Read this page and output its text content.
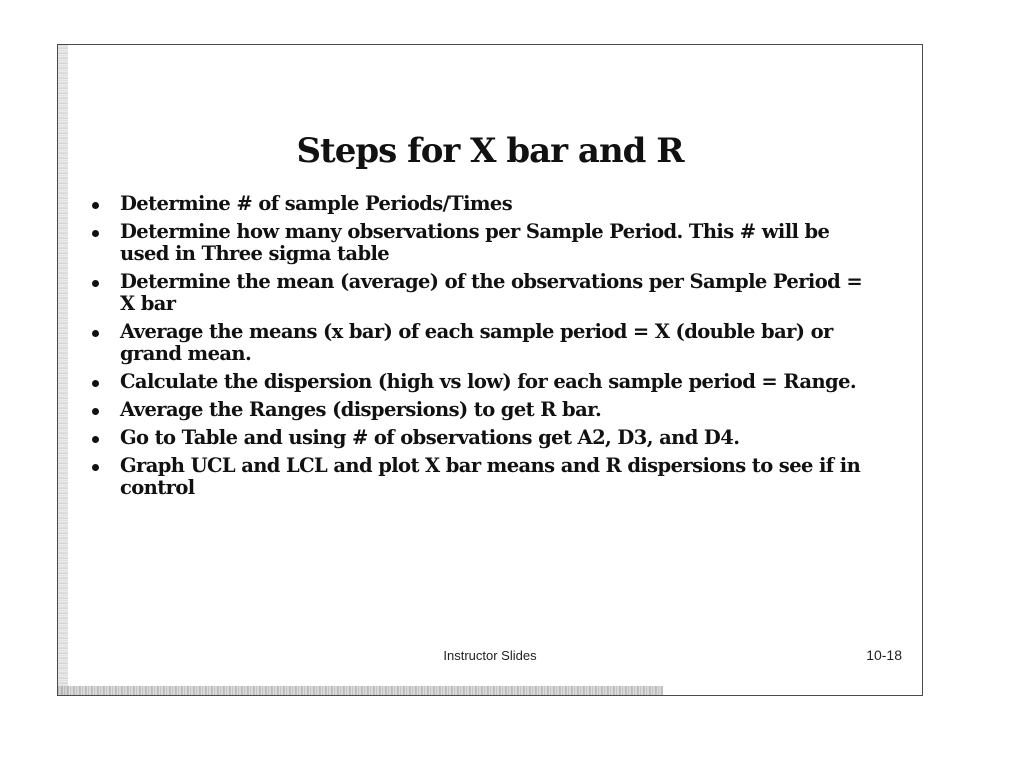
Steps for X bar and R
Determine # of sample Periods/Times
Determine how many observations per Sample Period. This # will be used in Three sigma table
Determine the mean (average) of the observations per Sample Period = X bar
Average the means (x bar) of each sample period = X (double bar) or grand mean.
Calculate the dispersion (high vs low) for each sample period = Range.
Average the Ranges (dispersions) to get R bar.
Go to Table and using # of observations get A2, D3, and D4.
Graph UCL and LCL and plot X bar means and R dispersions to see if in control
Instructor Slides	10-18
